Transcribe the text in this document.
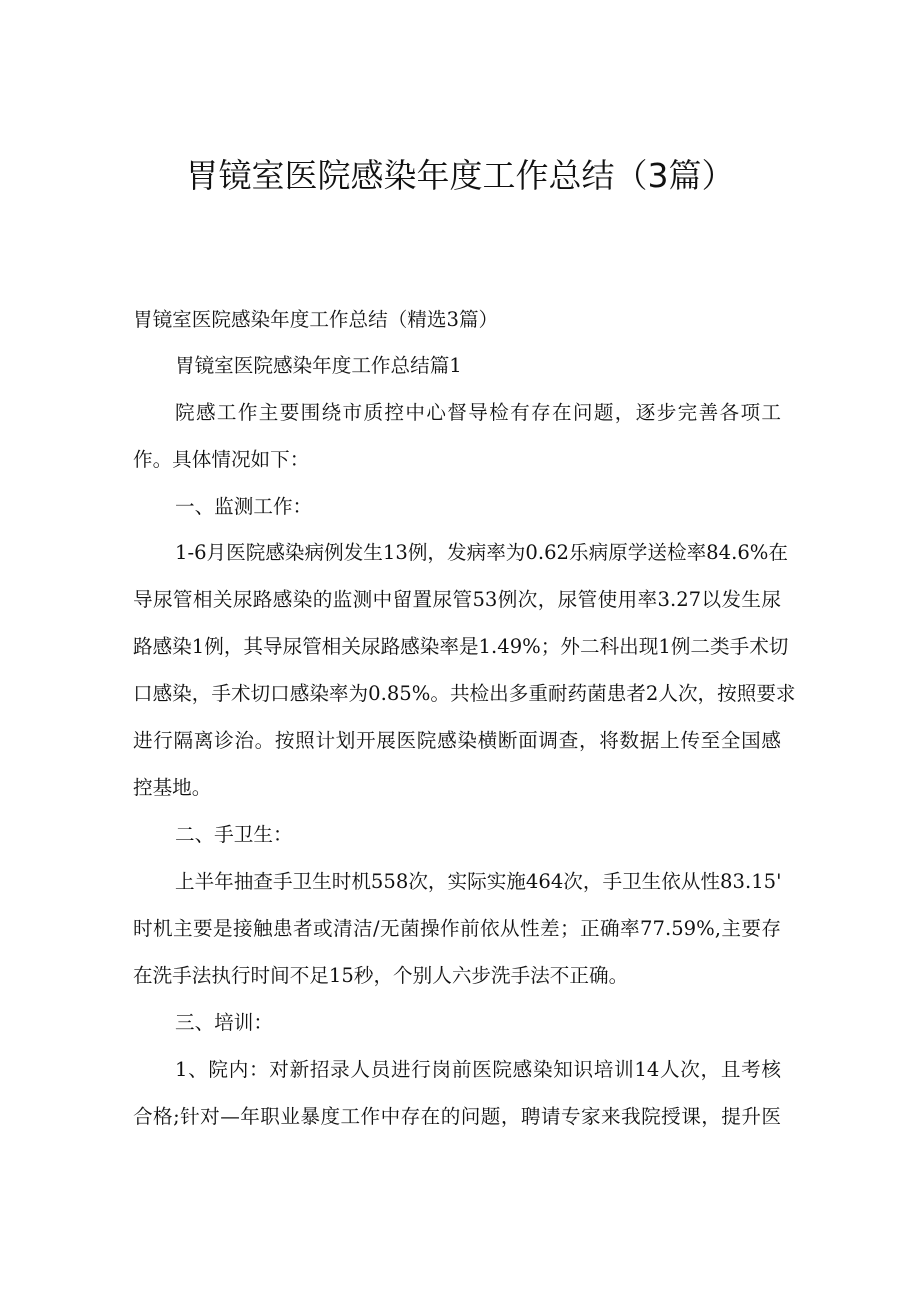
胃镜室医院感染年度工作总结（3篇）
胃镜室医院感染年度工作总结（精选3篇）
胃镜室医院感染年度工作总结篇1
院感工作主要围绕市质控中心督导检有存在问题，逐步完善各项工
作。具体情况如下：
一、监测工作：
1-6月医院感染病例发生13例，发病率为0.62乐病原学送检率84.6%在
导尿管相关尿路感染的监测中留置尿管53例次，尿管使用率3.27以发生尿
路感染1例，其导尿管相关尿路感染率是1.49%；外二科出现1例二类手术切
口感染，手术切口感染率为0.85%。共检出多重耐药菌患者2人次，按照要求
进行隔离诊治。按照计划开展医院感染横断面调查，将数据上传至全国感
控基地。
二、手卫生：
上半年抽查手卫生时机558次，实际实施464次，手卫生依从性83.15'
时机主要是接触患者或清洁/无菌操作前依从性差；正确率77.59%,主要存
在洗手法执行时间不足15秒，个别人六步洗手法不正确。
三、培训：
1、院内：对新招录人员进行岗前医院感染知识培训14人次，且考核
合格;针对—年职业暴度工作中存在的问题，聘请专家来我院授课，提升医
